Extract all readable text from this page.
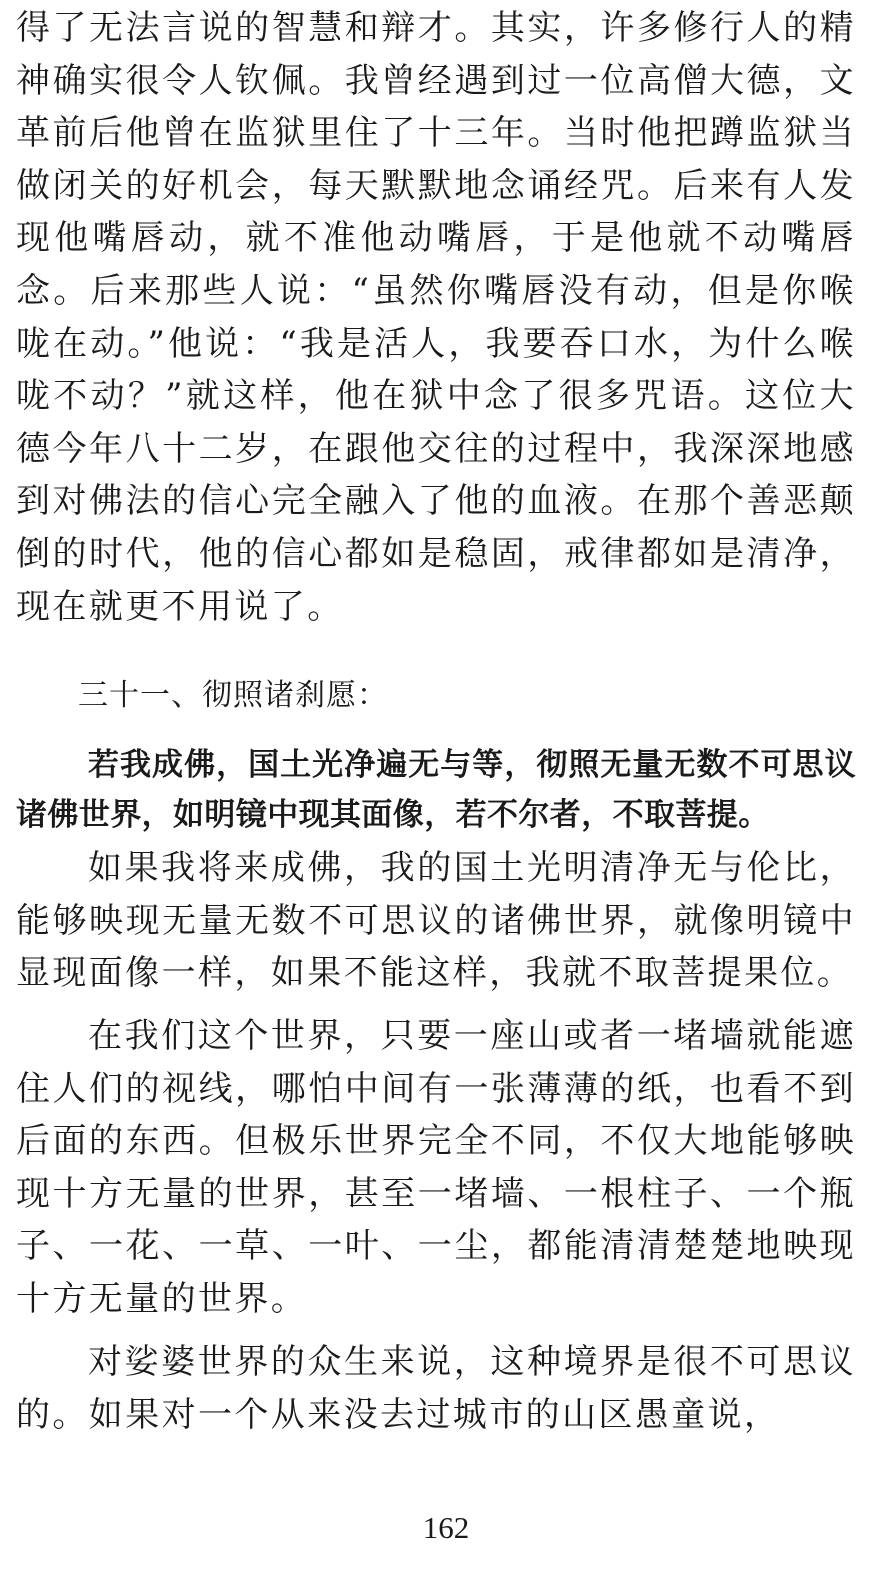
得了无法言说的智慧和辩才。其实，许多修行人的精神确实很令人钦佩。我曾经遇到过一位高僧大德，文革前后他曾在监狱里住了十三年。当时他把蹲监狱当做闭关的好机会，每天默默地念诵经咒。后来有人发现他嘴唇动，就不准他动嘴唇，于是他就不动嘴唇念。后来那些人说：“虽然你嘴唇没有动，但是你喉咙在动。”他说：“我是活人，我要吞口水，为什么喉咙不动？”就这样，他在狱中念了很多咒语。这位大德今年八十二岁，在跟他交往的过程中，我深深地感到对佛法的信心完全融入了他的血液。在那个善恶颠倒的时代，他的信心都如是稳固，戒律都如是清净，现在就更不用说了。

三十一、彻照诸刹愿：

若我成佛，国土光净遍无与等，彻照无量无数不可思议诸佛世界，如明镜中现其面像，若不尔者，不取菩提。

如果我将来成佛，我的国土光明清净无与伦比，能够映现无量无数不可思议的诸佛世界，就像明镜中显现面像一样，如果不能这样，我就不取菩提果位。

在我们这个世界，只要一座山或者一堵墙就能遮住人们的视线，哪怕中间有一张薄薄的纸，也看不到后面的东西。但极乐世界完全不同，不仅大地能够映现十方无量的世界，甚至一堵墙、一根柱子、一个瓶子、一花、一草、一叶、一尘，都能清清楚楚地映现十方无量的世界。

对娑婆世界的众生来说，这种境界是很不可思议的。如果对一个从来没去过城市的山区愚童说，

162
